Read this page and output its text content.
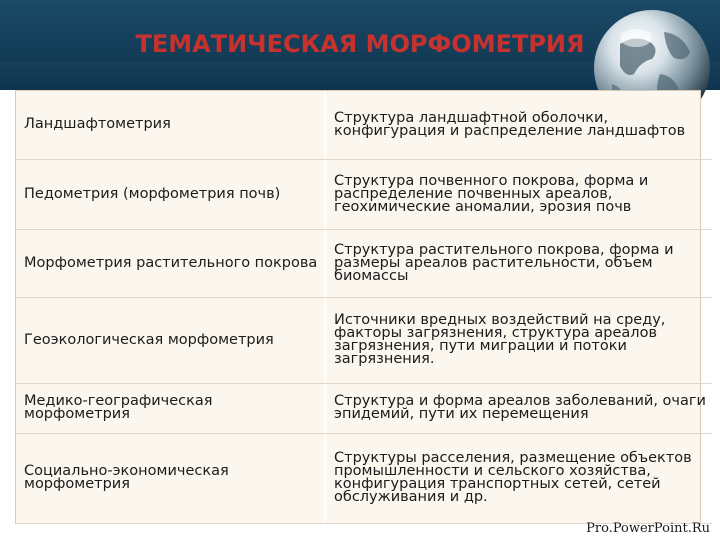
ТЕМАТИЧЕСКАЯ МОРФОМЕТРИЯ
Ландшафтометрия		Структура ландшафтной оболочки, конфигурация и распределение ландшафтов
Педометрия (морфометрия почв)		Структура почвенного покрова, форма и распределение почвенных ареалов, геохимические аномалии, эрозия почв
Морфометрия растительного покрова		Структура растительного покрова, форма и размеры ареалов растительности, объем биомассы
Геоэкологическая морфометрия		Источники вредных воздействий на среду, факторы загрязнения, структура ареалов загрязнения, пути миграции и потоки загрязнения.
Медико-географическая морфометрия		Структура и форма ареалов заболеваний, очаги эпидемий, пути их перемещения
Социально-экономическая морфометрия		Структуры расселения, размещение объектов промышленности и сельского хозяйства, конфигурация транспортных сетей, сетей обслуживания и др.
Pro.PowerPoint.Ru
